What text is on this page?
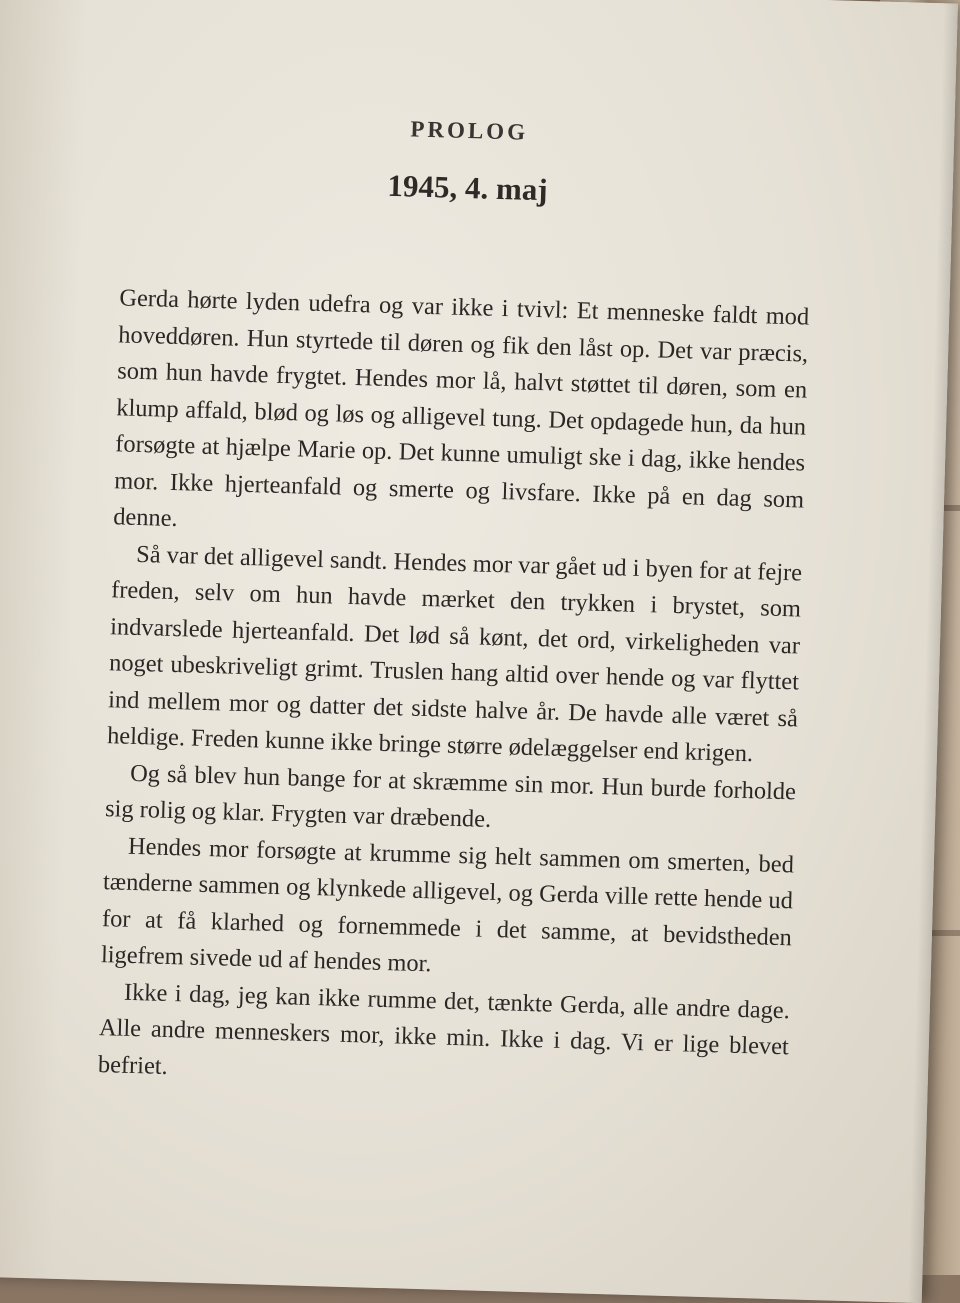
PROLOG
1945, 4. maj

Gerda hørte lyden udefra og var ikke i tvivl: Et menneske faldt mod hoveddøren. Hun styrtede til døren og fik den låst op. Det var præcis, som hun havde frygtet. Hendes mor lå, halvt støttet til døren, som en klump affald, blød og løs og alligevel tung. Det opdagede hun, da hun forsøgte at hjælpe Marie op. Det kunne umuligt ske i dag, ikke hendes mor. Ikke hjerteanfald og smerte og livsfare. Ikke på en dag som denne.

Så var det alligevel sandt. Hendes mor var gået ud i byen for at fejre freden, selv om hun havde mærket den trykken i brystet, som indvarslede hjerteanfald. Det lød så kønt, det ord, virkeligheden var noget ubeskriveligt grimt. Truslen hang altid over hende og var flyttet ind mellem mor og datter det sidste halve år. De havde alle været så heldige. Freden kunne ikke bringe større ødelæggelser end krigen.

Og så blev hun bange for at skræmme sin mor. Hun burde forholde sig rolig og klar. Frygten var dræbende.

Hendes mor forsøgte at krumme sig helt sammen om smerten, bed tænderne sammen og klynkede alligevel, og Gerda ville rette hende ud for at få klarhed og fornemmede i det samme, at bevidstheden ligefrem sivede ud af hendes mor.

Ikke i dag, jeg kan ikke rumme det, tænkte Gerda, alle andre dage. Alle andre menneskers mor, ikke min. Ikke i dag. Vi er lige blevet befriet.
